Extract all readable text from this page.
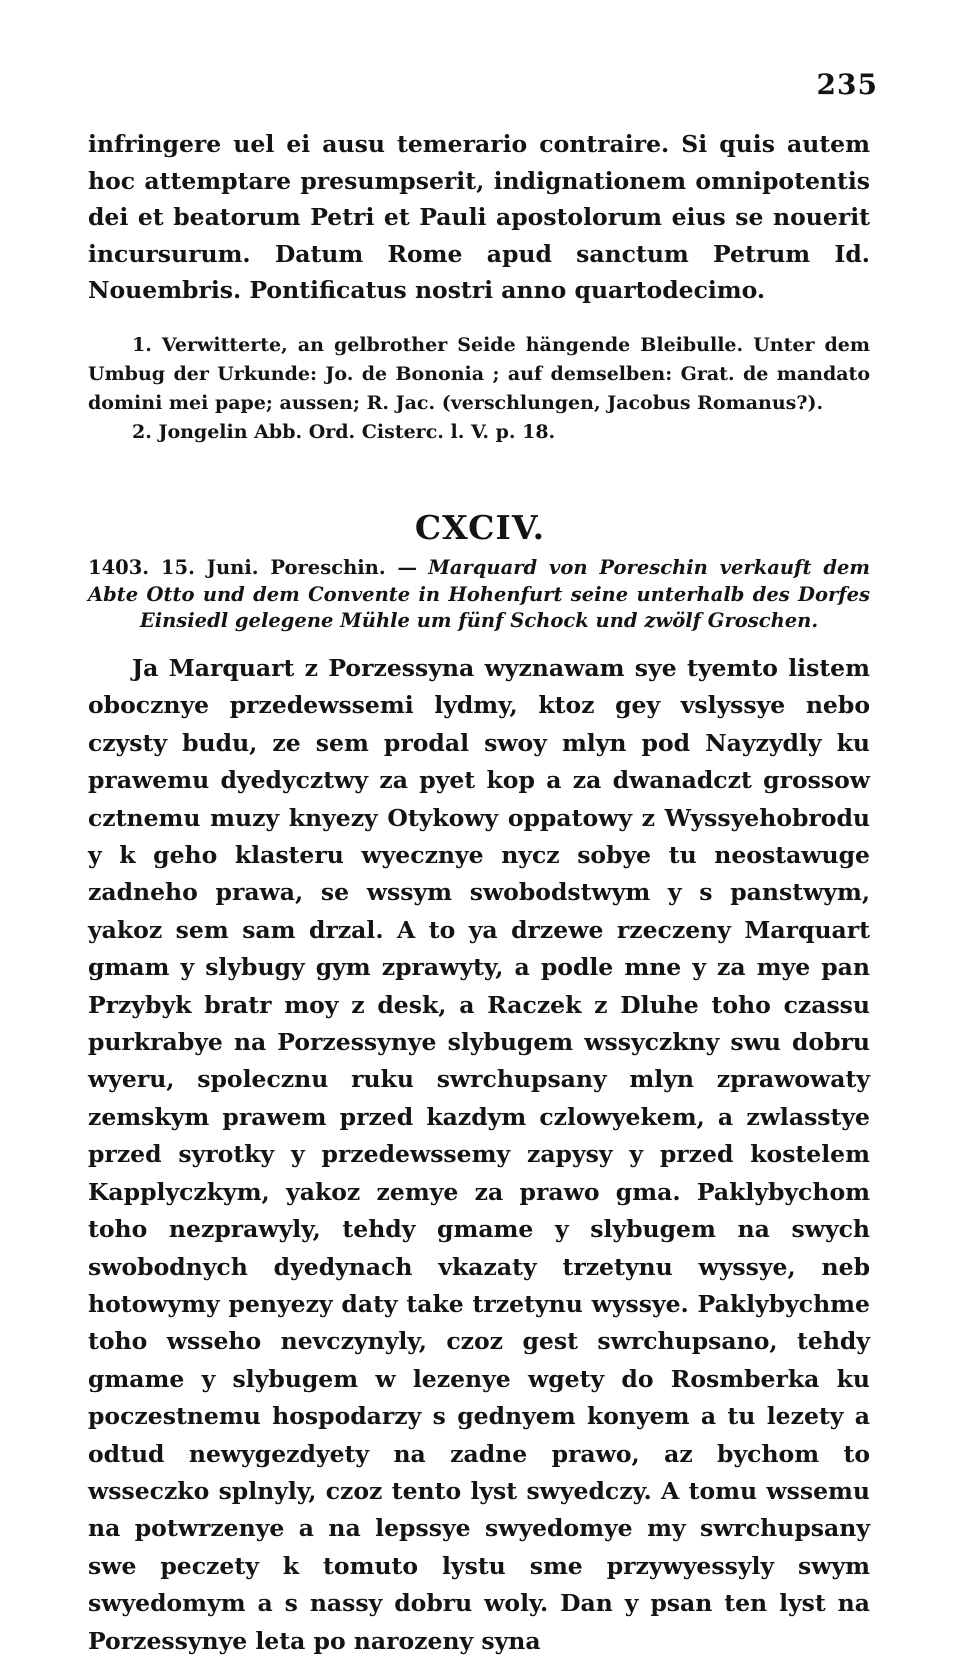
235

infringere uel ei ausu temerario contraire. Si quis autem hoc attemptare presumpserit, indignationem omnipotentis dei et beatorum Petri et Pauli apostolorum eius se nouerit incursurum. Datum Rome apud sanctum Petrum Id. Nouembris. Pontificatus nostri anno quartodecimo.

1. Verwitterte, an gelbrother Seide hängende Bleibulle. Unter dem Umbug der Urkunde: Jo. de Bononia ; auf demselben: Grat. de mandato domini mei pape; aussen; R. Jac. (verschlungen, Jacobus Romanus?).

2. Jongelin Abb. Ord. Cisterc. l. V. p. 18.

CXCIV.

1403. 15. Juni. Poreschin. — Marquard von Poreschin verkauft dem Abte Otto und dem Convente in Hohenfurt seine unterhalb des Dorfes Einsiedl gelegene Mühle um fünf Schock und zwölf Groschen.

Ja Marquart z Porzessyna wyznawam sye tyemto listem obocznye przedewssemi lydmy, ktoz gey vslyssye nebo czysty budu, ze sem prodal swoy mlyn pod Nayzydly ku prawemu dyedycztwy za pyet kop a za dwanadczt grossow cztnemu muzy knyezy Otykowy oppatowy z Wyssyehobrodu y k geho klasteru wyecznye nycz sobye tu neostawuge zadneho prawa, se wssym swobodstwym y s panstwym, yakoz sem sam drzal. A to ya drzewe rzeczeny Marquart gmam y slybugy gym zprawyty, a podle mne y za mye pan Przybyk bratr moy z desk, a Raczek z Dluhe toho czassu purkrabye na Porzessynye slybugem wssyczkny swu dobru wyeru, spolecznu ruku swrchupsany mlyn zprawowaty zemskym prawem przed kazdym czlowyekem, a zwlasstye przed syrotky y przedewssemy zapysy y przed kostelem Kapplyczkym, yakoz zemye za prawo gma. Paklybychom toho nezprawyly, tehdy gmame y slybugem na swych swobodnych dyedynach vkazaty trzetynu wyssye, neb hotowymy penyezy daty take trzetynu wyssye. Paklybychme toho wsseho nevczynyly, czoz gest swrchupsano, tehdy gmame y slybugem w lezenye wgety do Rosmberka ku poczestnemu hospodarzy s gednyem konyem a tu lezety a odtud newygezdyety na zadne prawo, az bychom to wsseczko splnyly, czoz tento lyst swyedczy. A tomu wssemu na potwrzenye a na lepssye swyedomye my swrchupsany swe peczety k tomuto lystu sme przywyessyly swym swyedomym a s nassy dobru woly. Dan y psan ten lyst na Porzessynye leta po narozeny syna
